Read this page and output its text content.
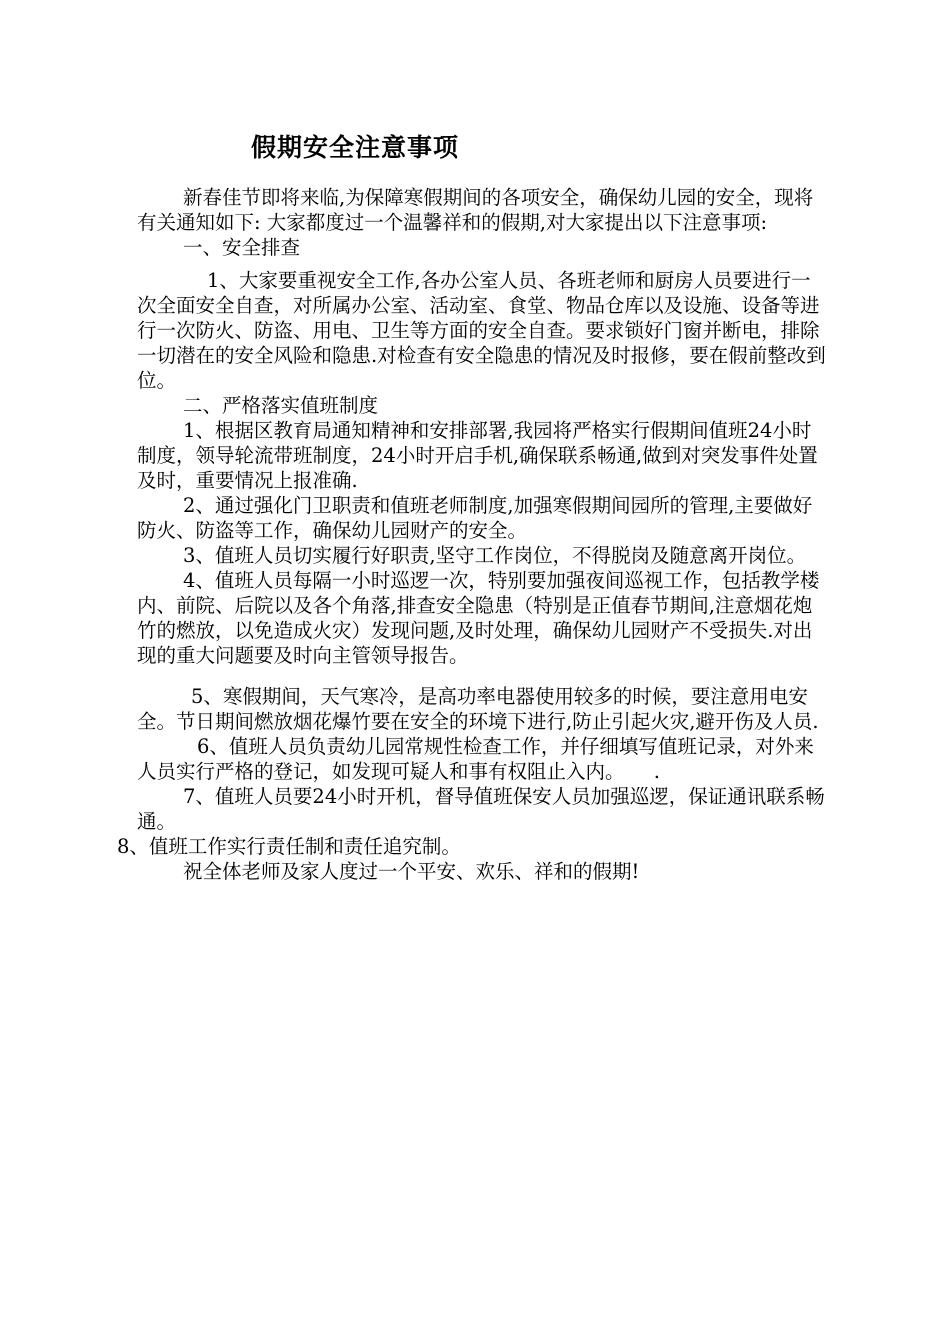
假期安全注意事项

新春佳节即将来临,为保障寒假期间的各项安全，确保幼儿园的安全，现将有关通知如下: 大家都度过一个温馨祥和的假期,对大家提出以下注意事项:

一、安全排查

1、大家要重视安全工作,各办公室人员、各班老师和厨房人员要进行一次全面安全自查，对所属办公室、活动室、食堂、物品仓库以及设施、设备等进行一次防火、防盗、用电、卫生等方面的安全自查。要求锁好门窗并断电，排除一切潜在的安全风险和隐患.对检查有安全隐患的情况及时报修，要在假前整改到位。

二、严格落实值班制度

1、根据区教育局通知精神和安排部署,我园将严格实行假期间值班24小时制度，领导轮流带班制度，24小时开启手机,确保联系畅通,做到对突发事件处置及时，重要情况上报准确.

2、通过强化门卫职责和值班老师制度,加强寒假期间园所的管理,主要做好防火、防盗等工作，确保幼儿园财产的安全。

3、值班人员切实履行好职责,坚守工作岗位，不得脱岗及随意离开岗位。

4、值班人员每隔一小时巡逻一次，特别要加强夜间巡视工作，包括教学楼内、前院、后院以及各个角落,排查安全隐患（特别是正值春节期间,注意烟花炮竹的燃放，以免造成火灾）发现问题,及时处理，确保幼儿园财产不受损失.对出现的重大问题要及时向主管领导报告。

5、寒假期间，天气寒冷，是高功率电器使用较多的时候，要注意用电安全。节日期间燃放烟花爆竹要在安全的环境下进行,防止引起火灾,避开伤及人员.

6、值班人员负责幼儿园常规性检查工作，并仔细填写值班记录，对外来人员实行严格的登记，如发现可疑人和事有权阻止入内。　　.

7、值班人员要24小时开机，督导值班保安人员加强巡逻，保证通讯联系畅通。

8、值班工作实行责任制和责任追究制。

祝全体老师及家人度过一个平安、欢乐、祥和的假期!
